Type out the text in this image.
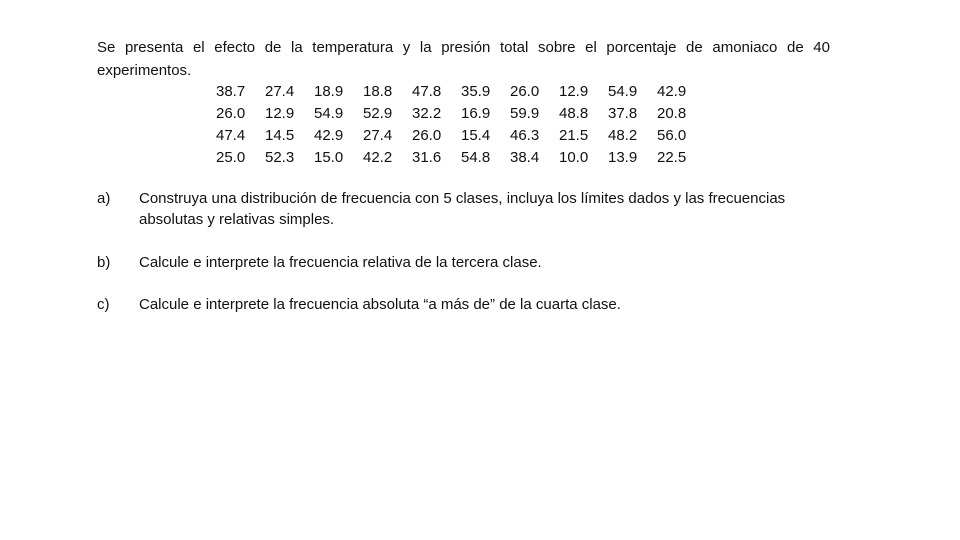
Se presenta el efecto de la temperatura y la presión total sobre el porcentaje de amoniaco de 40 experimentos.
38.7	27.4	18.9	18.8	47.8	35.9	26.0	12.9	54.9	42.9
26.0	12.9	54.9	52.9	32.2	16.9	59.9	48.8	37.8	20.8
47.4	14.5	42.9	27.4	26.0	15.4	46.3	21.5	48.2	56.0
25.0	52.3	15.0	42.2	31.6	54.8	38.4	10.0	13.9	22.5
a) Construya una distribución de frecuencia con 5 clases, incluya los límites dados y las frecuencias absolutas y relativas simples.
b) Calcule e interprete la frecuencia relativa de la tercera clase.
c) Calcule e interprete la frecuencia absoluta “a más de” de la cuarta clase.
